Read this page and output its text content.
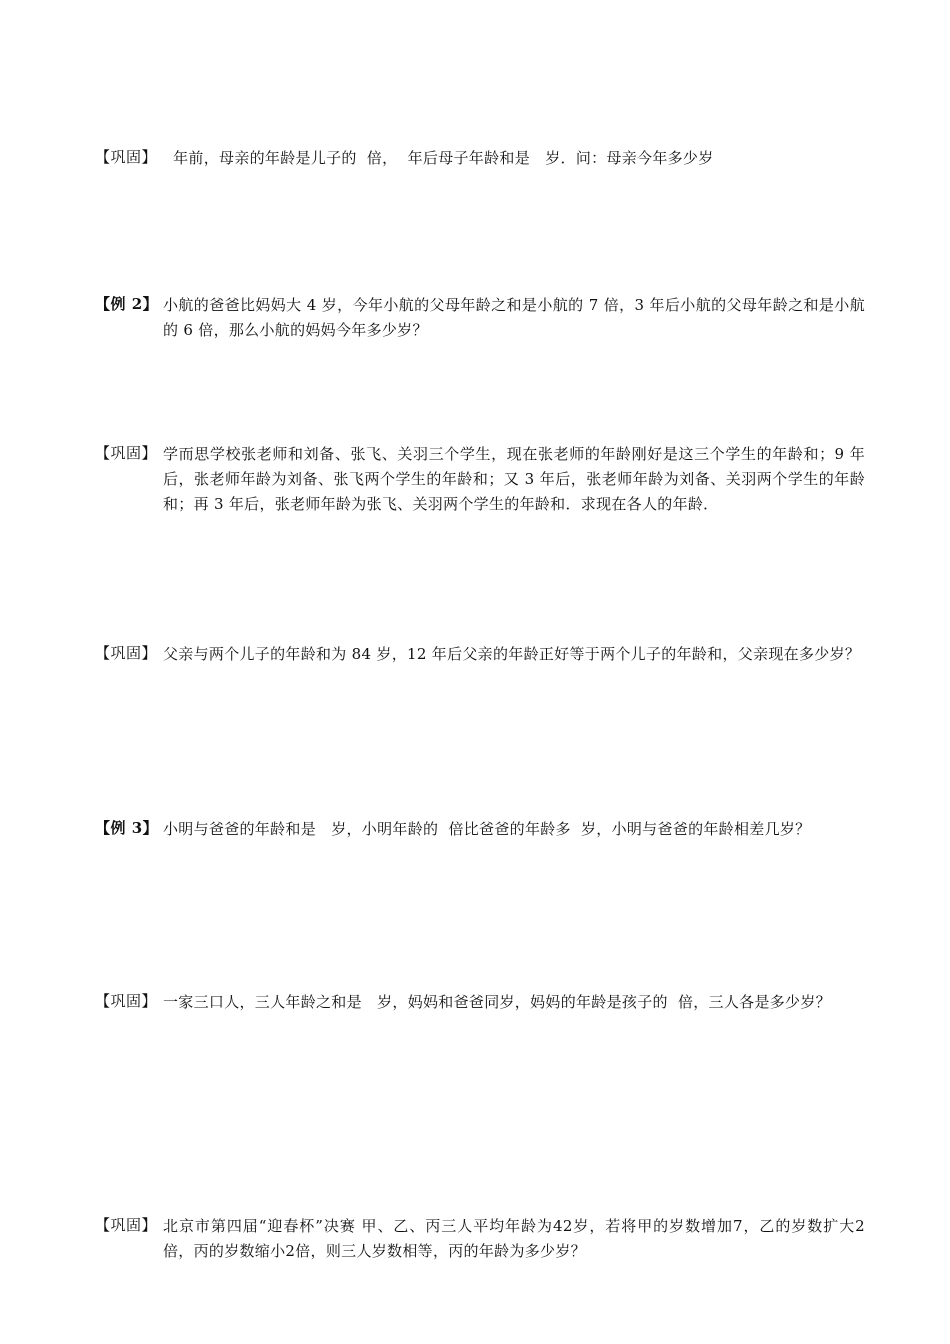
【巩固】 年前，母亲的年龄是儿子的  倍，  年后母子年龄和是   岁．问：母亲今年多少岁
【例 2】 小航的爸爸比妈妈大 4 岁，今年小航的父母年龄之和是小航的 7 倍，3 年后小航的父母年龄之和是小航的 6 倍，那么小航的妈妈今年多少岁？
【巩固】 学而思学校张老师和刘备、张飞、关羽三个学生，现在张老师的年龄刚好是这三个学生的年龄和；9 年后，张老师年龄为刘备、张飞两个学生的年龄和；又 3 年后，张老师年龄为刘备、关羽两个学生的年龄和；再 3 年后，张老师年龄为张飞、关羽两个学生的年龄和．求现在各人的年龄．
【巩固】 父亲与两个儿子的年龄和为 84 岁，12 年后父亲的年龄正好等于两个儿子的年龄和，父亲现在多少岁？
【例 3】 小明与爸爸的年龄和是   岁，小明年龄的  倍比爸爸的年龄多  岁，小明与爸爸的年龄相差几岁？
【巩固】 一家三口人，三人年龄之和是   岁，妈妈和爸爸同岁，妈妈的年龄是孩子的  倍，三人各是多少岁？
【巩固】 北京市第四届“迎春杯”决赛 甲、乙、丙三人平均年龄为42岁，若将甲的岁数增加7，乙的岁数扩大2倍，丙的岁数缩小2倍，则三人岁数相等，丙的年龄为多少岁？
